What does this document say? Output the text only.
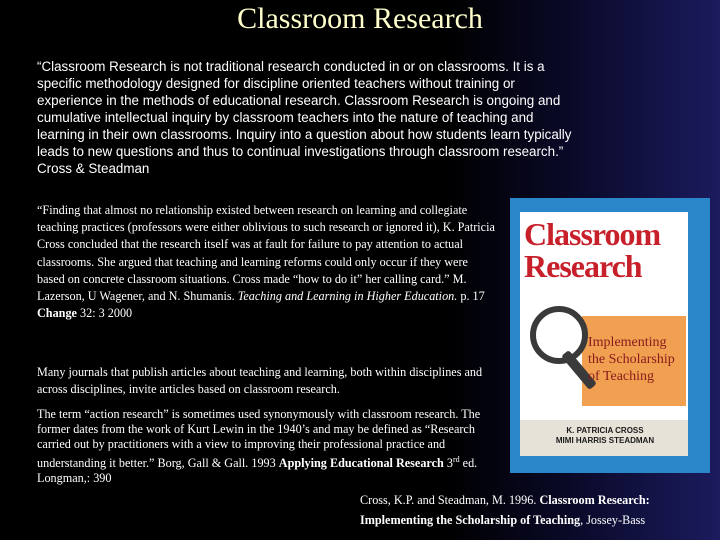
Classroom Research

“Classroom Research is not traditional research conducted in or on classrooms. It is a
specific methodology designed for discipline oriented teachers without training or
experience in the methods of educational research. Classroom Research is ongoing and
cumulative intellectual inquiry by classroom teachers into the nature of teaching and
learning in their own classrooms. Inquiry into a question about how students learn typically
leads to new questions and thus to continual investigations through classroom research.”
Cross & Steadman

“Finding that almost no relationship existed between research on learning and collegiate teaching practices (professors were either oblivious to such research or ignored it), K. Patricia Cross concluded that the research itself was at fault for failure to pay attention to actual classrooms. She argued that teaching and learning reforms could only occur if they were based on concrete classroom situations. Cross made “how to do it” her calling card.” M. Lazerson, U Wagener, and N. Shumanis. Teaching and Learning in Higher Education. p. 17 Change 32: 3 2000

Many journals that publish articles about teaching and learning, both within disciplines and across disciplines, invite articles based on classroom research.

The term “action research” is sometimes used synonymously with classroom research. The former dates from the work of Kurt Lewin in the 1940’s and may be defined as “Research carried out by practitioners with a view to improving their professional practice and understanding it better.” Borg, Gall & Gall. 1993 Applying Educational Research 3rd ed. Longman,: 390

Classroom
Research
Implementing
the Scholarship
of Teaching
K. PATRICIA CROSS
MIMI HARRIS STEADMAN

Cross, K.P. and Steadman, M. 1996. Classroom Research:
Implementing the Scholarship of Teaching, Jossey-Bass
